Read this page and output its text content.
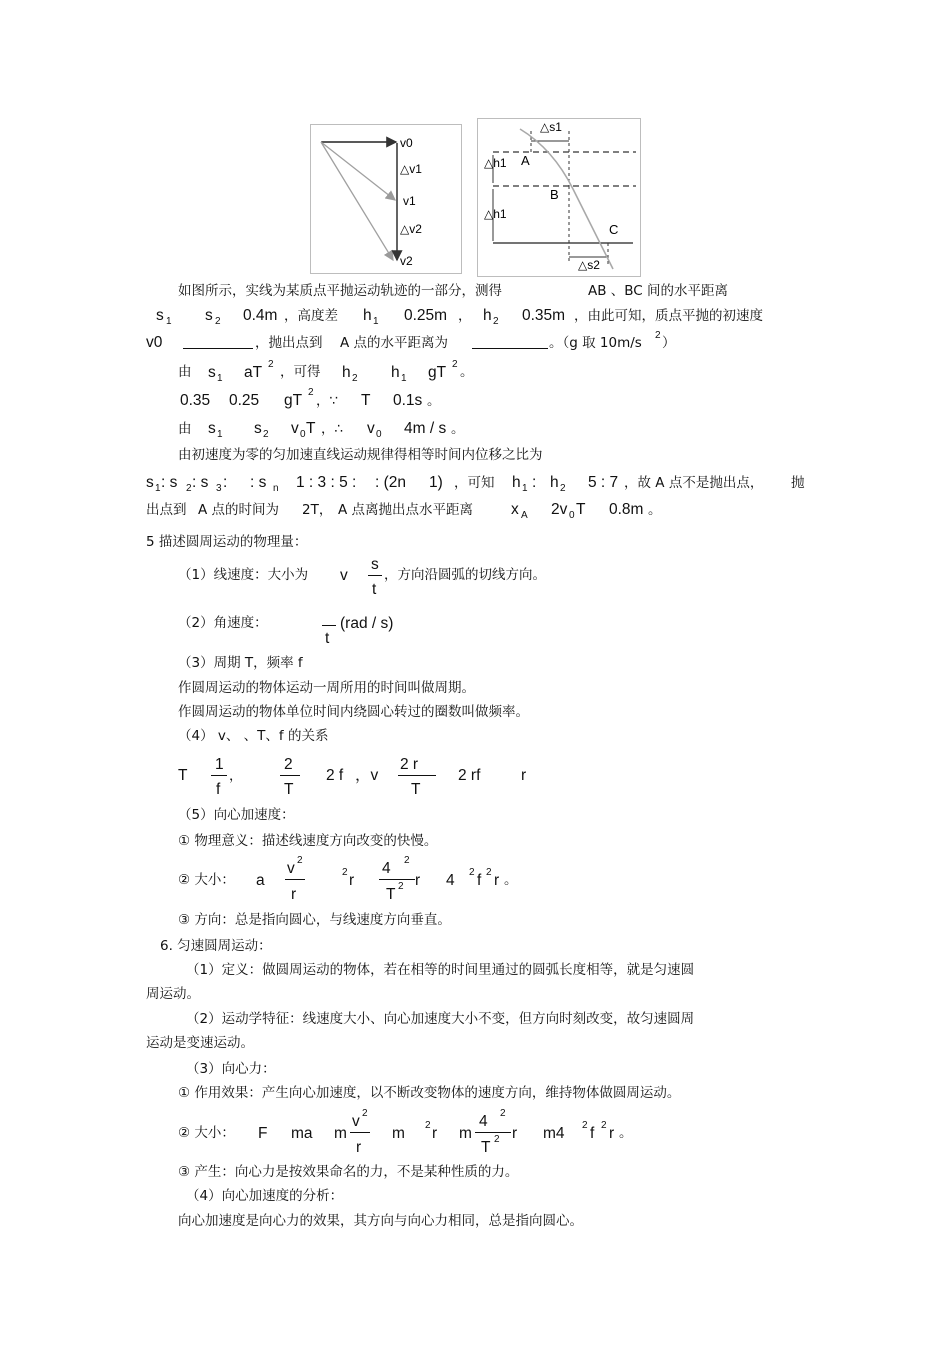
v0
△v1
v1
△v2
v2
△s1
△h1
△h1
A
B
C
△s2
如图所示，实线为某质点平抛运动轨迹的一部分，测得	AB 、BC 间的水平距离
s 1 s 2 0.4m ，高度差 h 1 0.25m ， h 2 0.35m ，由此可知，质点平抛的初速度
v0	，抛出点到 A 点的水平距离为	。（g 取 10m/s 2 ）
由 s 1 aT 2 ，可得 h 2 h 1 gT 2 。
0.35 0.25 gT 2
，∵ T 0.1s 。
由 s 1 s 2 v 0 T ，∴ v 0 4m / s 。
由初速度为零的匀加速直线运动规律得相等时间内位移之比为
s 1 : s 2 : s 3 : : s n 1 : 3 : 5 : : (2n 1) ，可知 h 1 : h 2 5 : 7 ，故 A 点不是抛出点， 抛
出点到 A 点的时间为 2T， A 点离抛出点水平距离 x A 2v 0 T 0.8m 。
5 描述圆周运动的物理量：
（1）线速度：大小为 v
s
t
，方向沿圆弧的切线方向。
（2）角速度：
t
(rad / s)
（3）周期 T，频率 f
作圆周运动的物体运动一周所用的时间叫做周期。
作圆周运动的物体单位时间内绕圆心转过的圈数叫做频率。
（4） v、 、T、f 的关系
T
1
f
，
2
T
2 f ，v
2 r
T
2 rf	r
（5）向心加速度：
① 物理意义：描述线速度方向改变的快慢。
② 大小： a
v 2
r
2 r
4 2
T 2 r 4 2 f 2 r 。
③ 方向：总是指向圆心，与线速度方向垂直。
6. 匀速圆周运动：
（1）定义：做圆周运动的物体，若在相等的时间里通过的圆弧长度相等，就是匀速圆
周运动。
（2）运动学特征：线速度大小、向心加速度大小不变，但方向时刻改变，故匀速圆周
运动是变速运动。
（3）向心力：
① 作用效果：产生向心加速度，以不断改变物体的速度方向，维持物体做圆周运动。
② 大小： F ma m
v 2
r
m 2 r m
4 2
T 2 r m4 2 f 2 r 。
③ 产生：向心力是按效果命名的力，不是某种性质的力。
（4）向心加速度的分析：
向心加速度是向心力的效果，其方向与向心力相同，总是指向圆心。
